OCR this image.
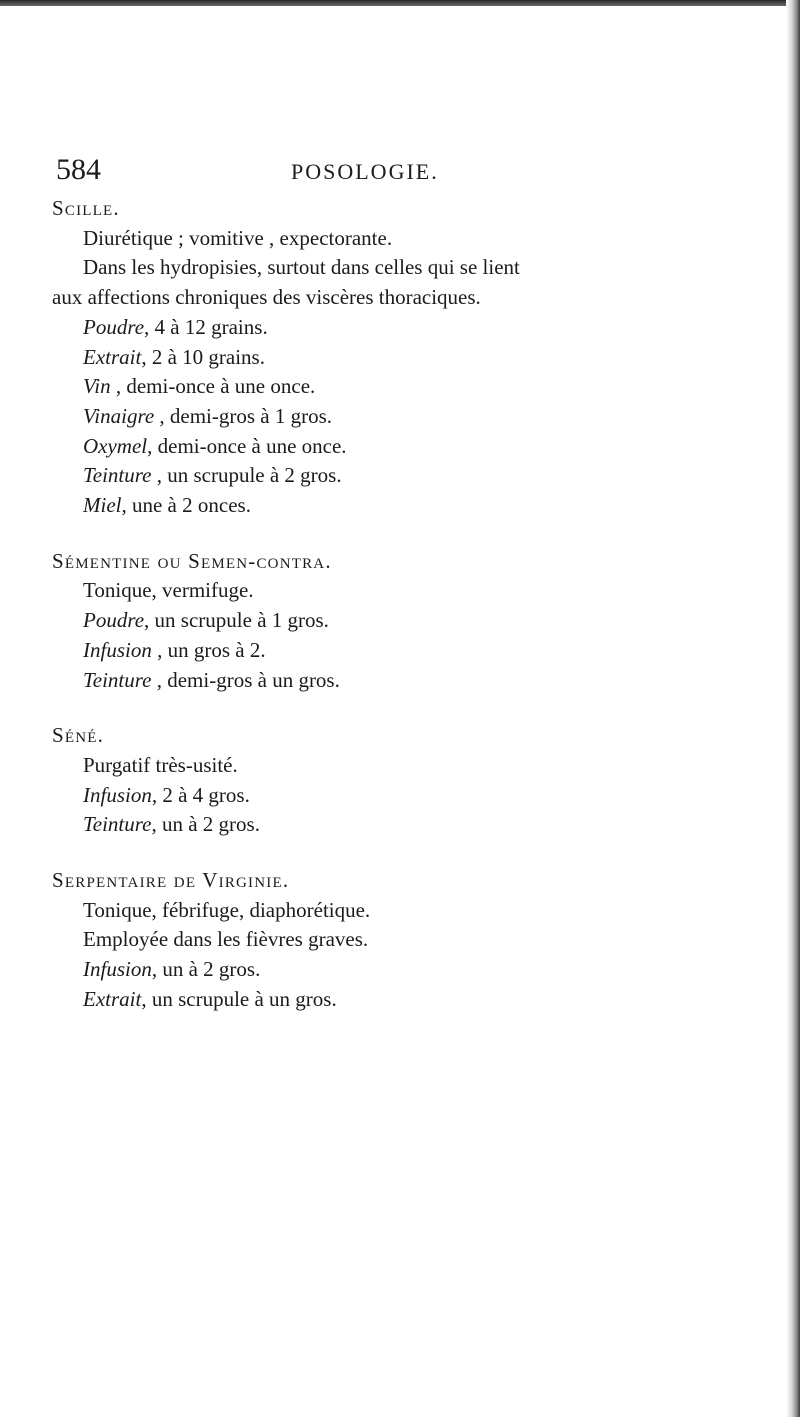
584	POSOLOGIE.
Scille.
Diurétique ; vomitive , expectorante.
Dans les hydropisies, surtout dans celles qui se lient
aux affections chroniques des viscères thoraciques.
Poudre, 4 à 12 grains.
Extrait, 2 à 10 grains.
Vin , demi-once à une once.
Vinaigre , demi-gros à 1 gros.
Oxymel, demi-once à une once.
Teinture , un scrupule à 2 gros.
Miel, une à 2 onces.
Sémentine ou Semen-contra.
Tonique, vermifuge.
Poudre, un scrupule à 1 gros.
Infusion , un gros à 2.
Teinture , demi-gros à un gros.
Séné.
Purgatif très-usité.
Infusion, 2 à 4 gros.
Teinture, un à 2 gros.
Serpentaire de Virginie.
Tonique, fébrifuge, diaphorétique.
Employée dans les fièvres graves.
Infusion, un à 2 gros.
Extrait, un scrupule à un gros.
